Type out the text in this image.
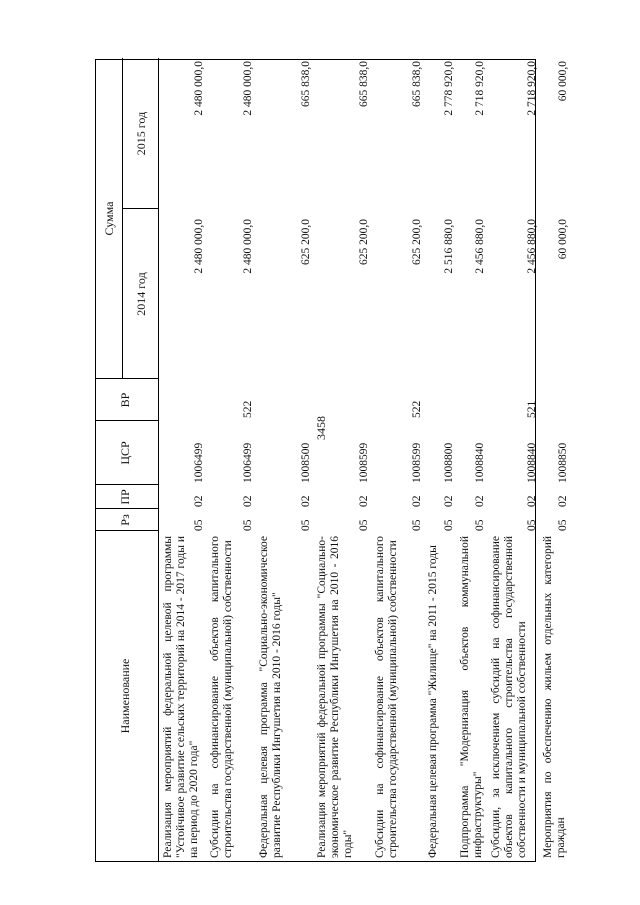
3458
Наименование
Рз
ПР
ЦСР
ВР
Сумма
2014 год
2015 год
Реализация мероприятий федеральной целевой программы "Устойчивое развитие сельских территорий на 2014 - 2017 годы и на период до 2020 года"
05
02
1006499
2 480 000,0
2 480 000,0
Субсидии на софинансирование объектов капитального строительства государственной (муниципальной) собственности
05
02
1006499
522
2 480 000,0
2 480 000,0
Федеральная целевая программа "Социально-экономическое развитие Республики Ингушетия на 2010 - 2016 годы"
05
02
1008500
625 200,0
665 838,0
Реализация мероприятий федеральной программы "Социально-экономическое развитие Республики Ингушетия на 2010 - 2016 годы"
05
02
1008599
625 200,0
665 838,0
Субсидии на софинансирование объектов капитального строительства государственной (муниципальной) собственности
05
02
1008599
522
625 200,0
665 838,0
Федеральная целевая программа "Жилище" на 2011 - 2015 годы
05
02
1008800
2 516 880,0
2 778 920,0
Подпрограмма "Модернизация объектов коммунальной инфраструктуры"
05
02
1008840
2 456 880,0
2 718 920,0
Субсидии, за исключением субсидий на софинансирование объектов капитального строительства государственной собственности и муниципальной собственности
05
02
1008840
521
2 456 880,0
2 718 920,0
Мероприятия по обеспечению жильем отдельных категорий граждан
05
02
1008850
60 000,0
60 000,0
